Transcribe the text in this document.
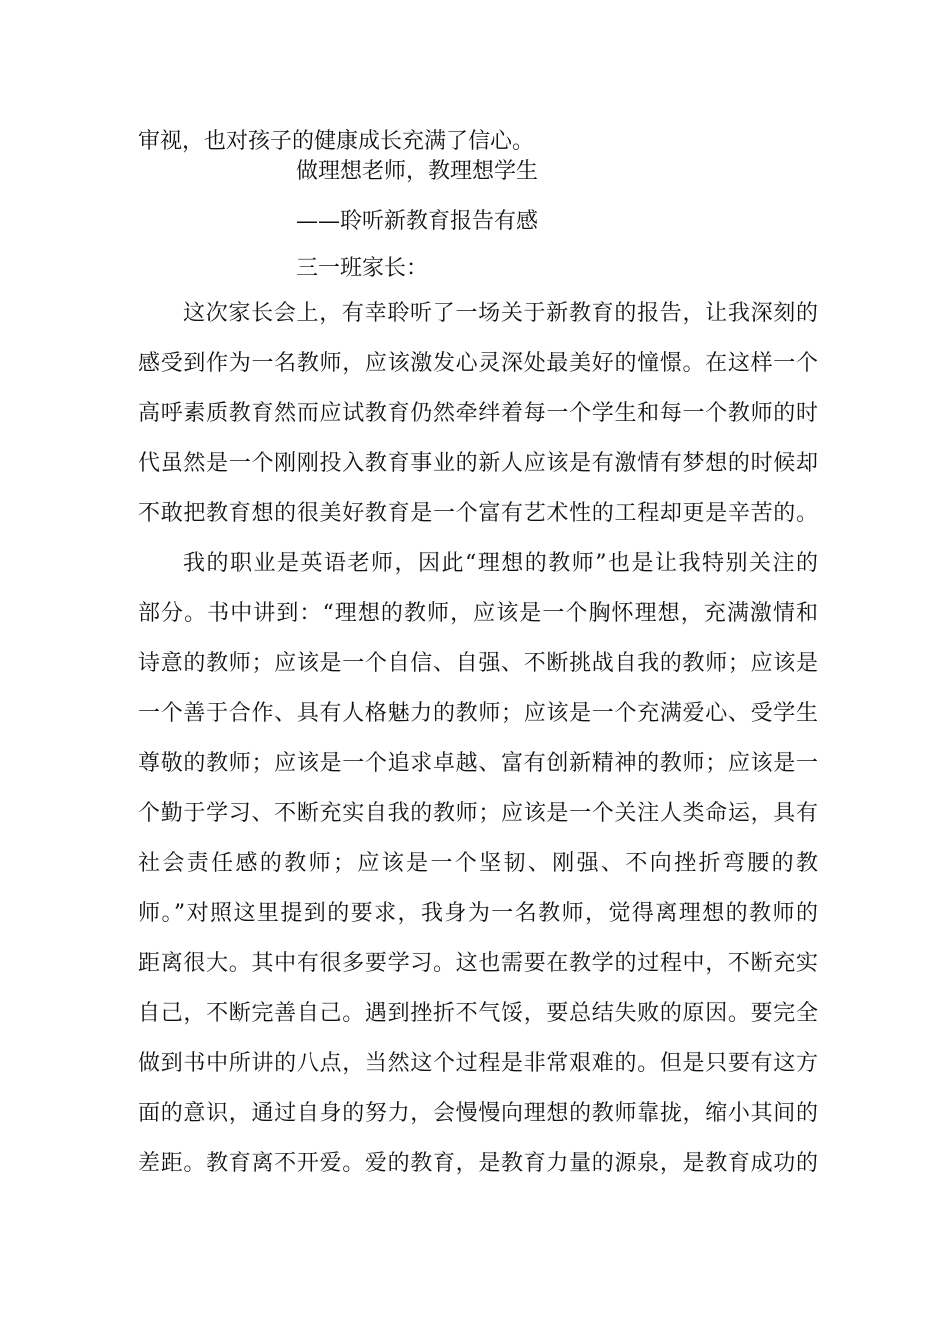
审视，也对孩子的健康成长充满了信心。
做理想老师，教理想学生
——聆听新教育报告有感
三一班家长：
这次家长会上，有幸聆听了一场关于新教育的报告，让我深刻的
感受到作为一名教师，应该激发心灵深处最美好的憧憬。在这样一个
高呼素质教育然而应试教育仍然牵绊着每一个学生和每一个教师的时
代虽然是一个刚刚投入教育事业的新人应该是有激情有梦想的时候却
不敢把教育想的很美好教育是一个富有艺术性的工程却更是辛苦的。
我的职业是英语老师，因此“理想的教师”也是让我特别关注的
部分。书中讲到：“理想的教师，应该是一个胸怀理想，充满激情和
诗意的教师；应该是一个自信、自强、不断挑战自我的教师；应该是
一个善于合作、具有人格魅力的教师；应该是一个充满爱心、受学生
尊敬的教师；应该是一个追求卓越、富有创新精神的教师；应该是一
个勤于学习、不断充实自我的教师；应该是一个关注人类命运，具有
社会责任感的教师；应该是一个坚韧、刚强、不向挫折弯腰的教
师。”对照这里提到的要求，我身为一名教师，觉得离理想的教师的
距离很大。其中有很多要学习。这也需要在教学的过程中，不断充实
自己，不断完善自己。遇到挫折不气馁，要总结失败的原因。要完全
做到书中所讲的八点，当然这个过程是非常艰难的。但是只要有这方
面的意识，通过自身的努力，会慢慢向理想的教师靠拢，缩小其间的
差距。教育离不开爱。爱的教育，是教育力量的源泉，是教育成功的
